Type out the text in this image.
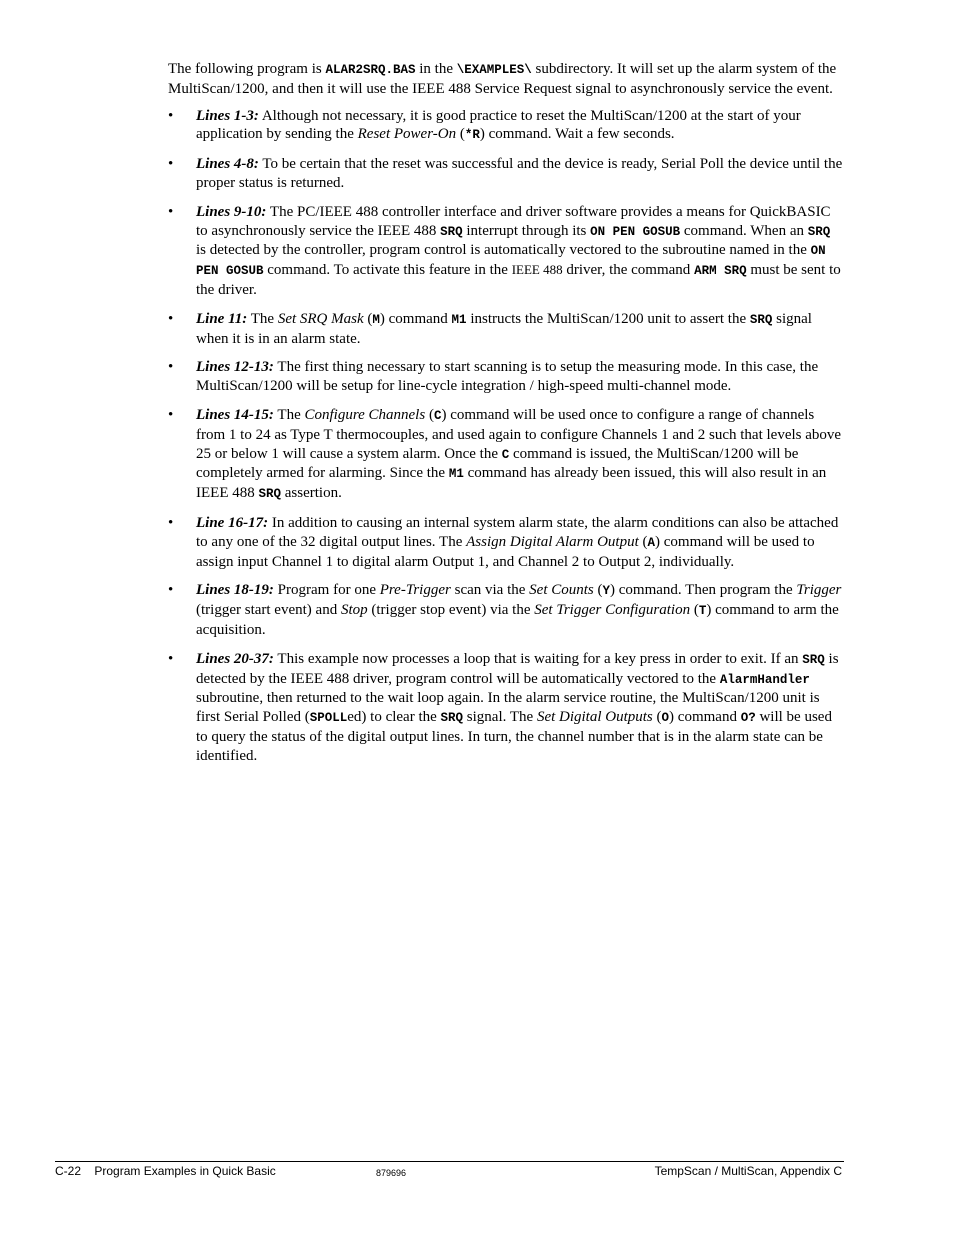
The following program is ALAR2SRQ.BAS in the \EXAMPLES\ subdirectory. It will set up the alarm system of the MultiScan/1200, and then it will use the IEEE 488 Service Request signal to asynchronously service the event.

•	Lines 1-3: Although not necessary, it is good practice to reset the MultiScan/1200 at the start of your application by sending the Reset Power-On (*R) command. Wait a few seconds.
•	Lines 4-8: To be certain that the reset was successful and the device is ready, Serial Poll the device until the proper status is returned.
•	Lines 9-10: The PC/IEEE 488 controller interface and driver software provides a means for QuickBASIC to asynchronously service the IEEE 488 SRQ interrupt through its ON PEN GOSUB command. When an SRQ is detected by the controller, program control is automatically vectored to the subroutine named in the ON PEN GOSUB command. To activate this feature in the IEEE 488 driver, the command ARM SRQ must be sent to the driver.
•	Line 11: The Set SRQ Mask (M) command M1 instructs the MultiScan/1200 unit to assert the SRQ signal when it is in an alarm state.
•	Lines 12-13: The first thing necessary to start scanning is to setup the measuring mode. In this case, the MultiScan/1200 will be setup for line-cycle integration / high-speed multi-channel mode.
•	Lines 14-15: The Configure Channels (C) command will be used once to configure a range of channels from 1 to 24 as Type T thermocouples, and used again to configure Channels 1 and 2 such that levels above 25 or below 1 will cause a system alarm. Once the C command is issued, the MultiScan/1200 will be completely armed for alarming. Since the M1 command has already been issued, this will also result in an IEEE 488 SRQ assertion.
•	Line 16-17: In addition to causing an internal system alarm state, the alarm conditions can also be attached to any one of the 32 digital output lines. The Assign Digital Alarm Output (A) command will be used to assign input Channel 1 to digital alarm Output 1, and Channel 2 to Output 2, individually.
•	Lines 18-19: Program for one Pre-Trigger scan via the Set Counts (Y) command. Then program the Trigger (trigger start event) and Stop (trigger stop event) via the Set Trigger Configuration (T) command to arm the acquisition.
•	Lines 20-37: This example now processes a loop that is waiting for a key press in order to exit. If an SRQ is detected by the IEEE 488 driver, program control will be automatically vectored to the AlarmHandler subroutine, then returned to the wait loop again. In the alarm service routine, the MultiScan/1200 unit is first Serial Polled (SPOLLed) to clear the SRQ signal. The Set Digital Outputs (O) command O? will be used to query the status of the digital output lines. In turn, the channel number that is in the alarm state can be identified.
C-22    Program Examples in Quick Basic	879696	TempScan / MultiScan, Appendix C
